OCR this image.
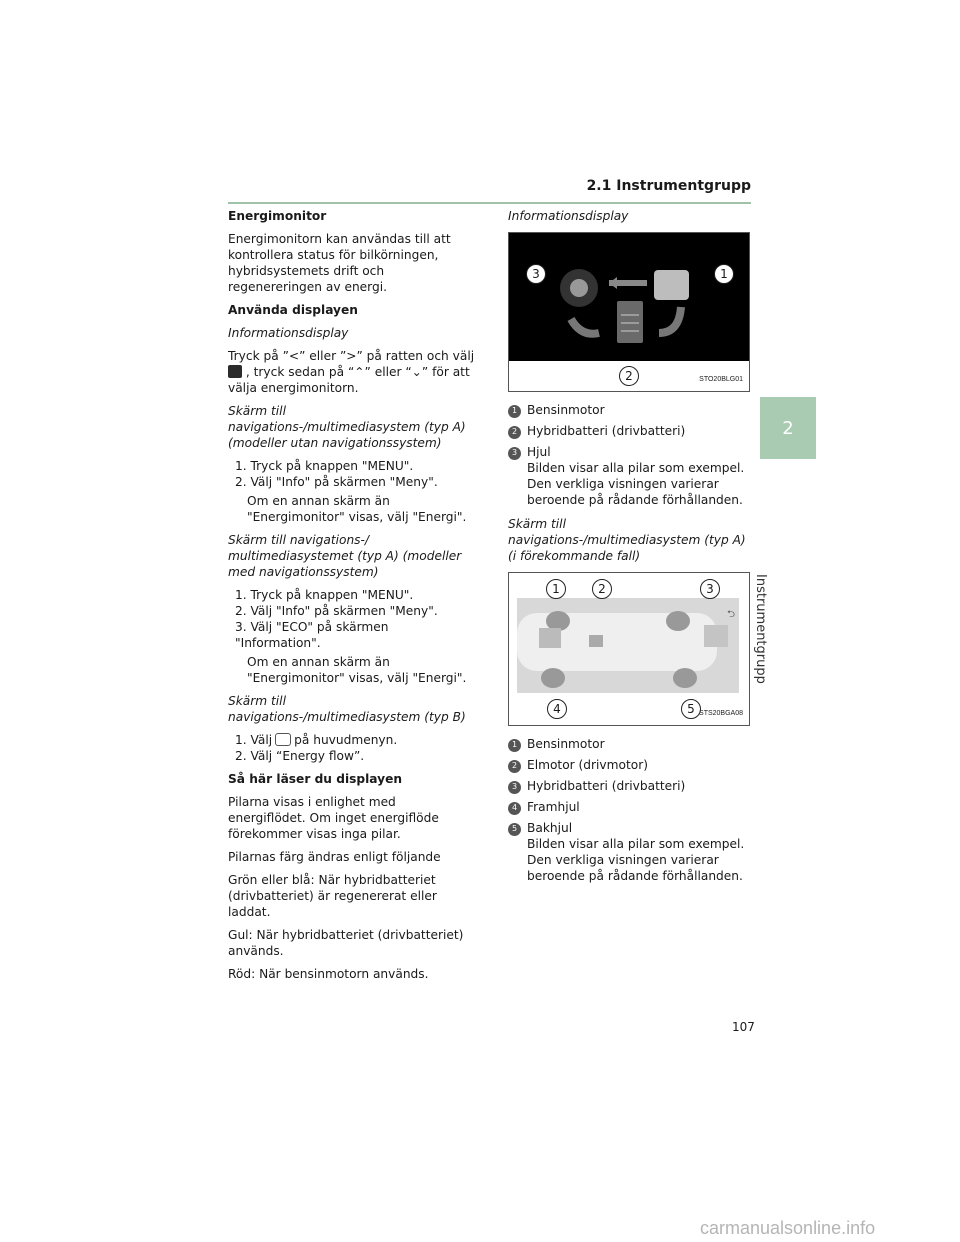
2.1 Instrumentgrupp
2
Instrumentgrupp

Energimonitor

Energimonitorn kan användas till att kontrollera status för bilkörningen, hybridsystemets drift och regenereringen av energi.

Använda displayen

Informationsdisplay

Tryck på ”<” eller ”>” på ratten och välj  , tryck sedan på “⌃” eller “⌄” för att välja energimonitorn.

Skärm till navigations-/multimediasystem (typ A) (modeller utan navigationssystem)

1. Tryck på knappen "MENU".
2. Välj "Info" på skärmen "Meny".

Om en annan skärm än "Energimonitor" visas, välj "Energi".

Skärm till navigations-/ multimediasystemet (typ A) (modeller med navigationssystem)

1. Tryck på knappen "MENU".
2. Välj "Info" på skärmen "Meny".
3. Välj "ECO" på skärmen "Information".

Om en annan skärm än "Energimonitor" visas, välj "Energi".

Skärm till navigations-/multimediasystem (typ B)

1. Välj på huvudmenyn.

2. Välj “Energy flow”.

Så här läser du displayen

Pilarna visas i enlighet med energiflödet. Om inget energiflöde förekommer visas inga pilar.

Pilarnas färg ändras enligt följande

Grön eller blå: När hybridbatteriet (drivbatteriet) är regenererat eller laddat.

Gul: När hybridbatteriet (drivbatteriet) används.

Röd: När bensinmotorn används.

Informationsdisplay

3	1
2	STO20BLG01
1 Bensinmotor
2 Hybridbatteri (drivbatteri)
3 Hjul
Bilden visar alla pilar som exempel. Den verkliga visningen varierar beroende på rådande förhållanden.

Skärm till navigations-/multimediasystem (typ A) (i förekommande fall)

1	2	3
4	5
⮌
STS20BGA08
1 Bensinmotor
2 Elmotor (drivmotor)
3 Hybridbatteri (drivbatteri)
4 Framhjul
5 Bakhjul
Bilden visar alla pilar som exempel. Den verkliga visningen varierar beroende på rådande förhållanden.
107
carmanualsonline.info
